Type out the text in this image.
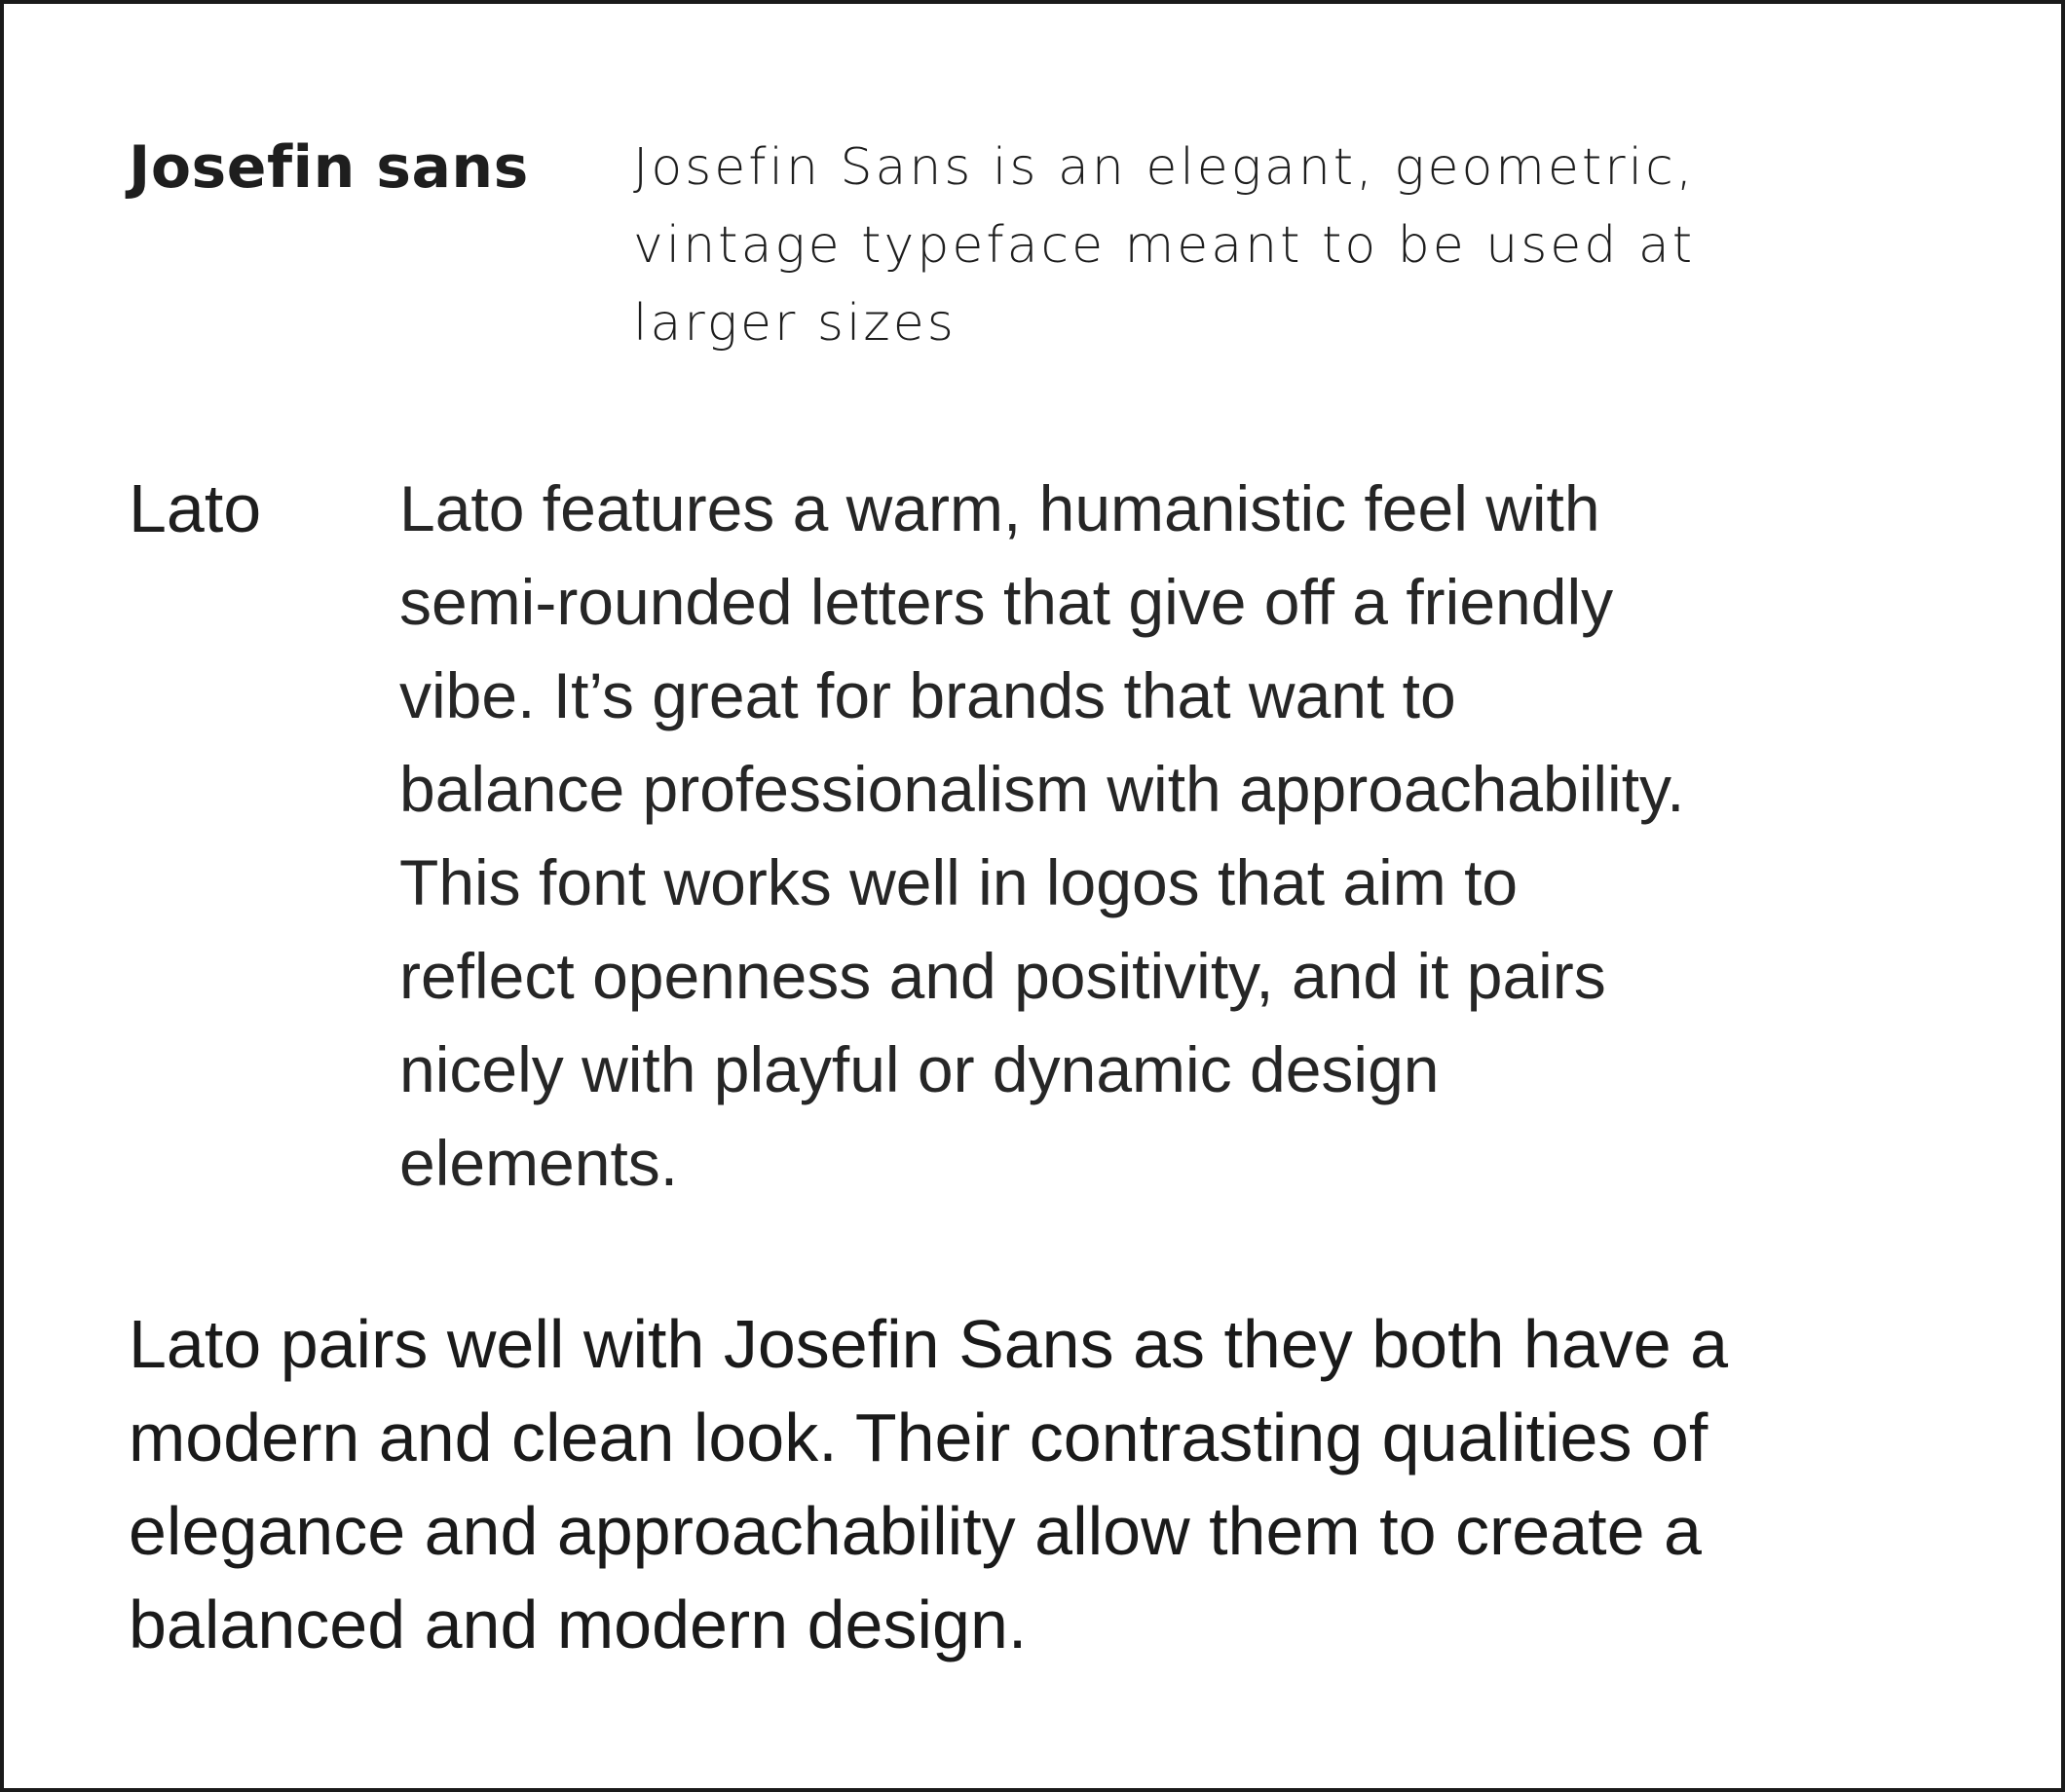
Josefin sans Josefin Sans is an elegant, geometric,
vintage typeface meant to be used at
larger sizes
Lato Lato features a warm, humanistic feel with
semi-rounded letters that give off a friendly
vibe. It’s great for brands that want to
balance professionalism with approachability.
This font works well in logos that aim to
reflect openness and positivity, and it pairs
nicely with playful or dynamic design
elements.
Lato pairs well with Josefin Sans as they both have a
modern and clean look. Their contrasting qualities of
elegance and approachability allow them to create a
balanced and modern design.
